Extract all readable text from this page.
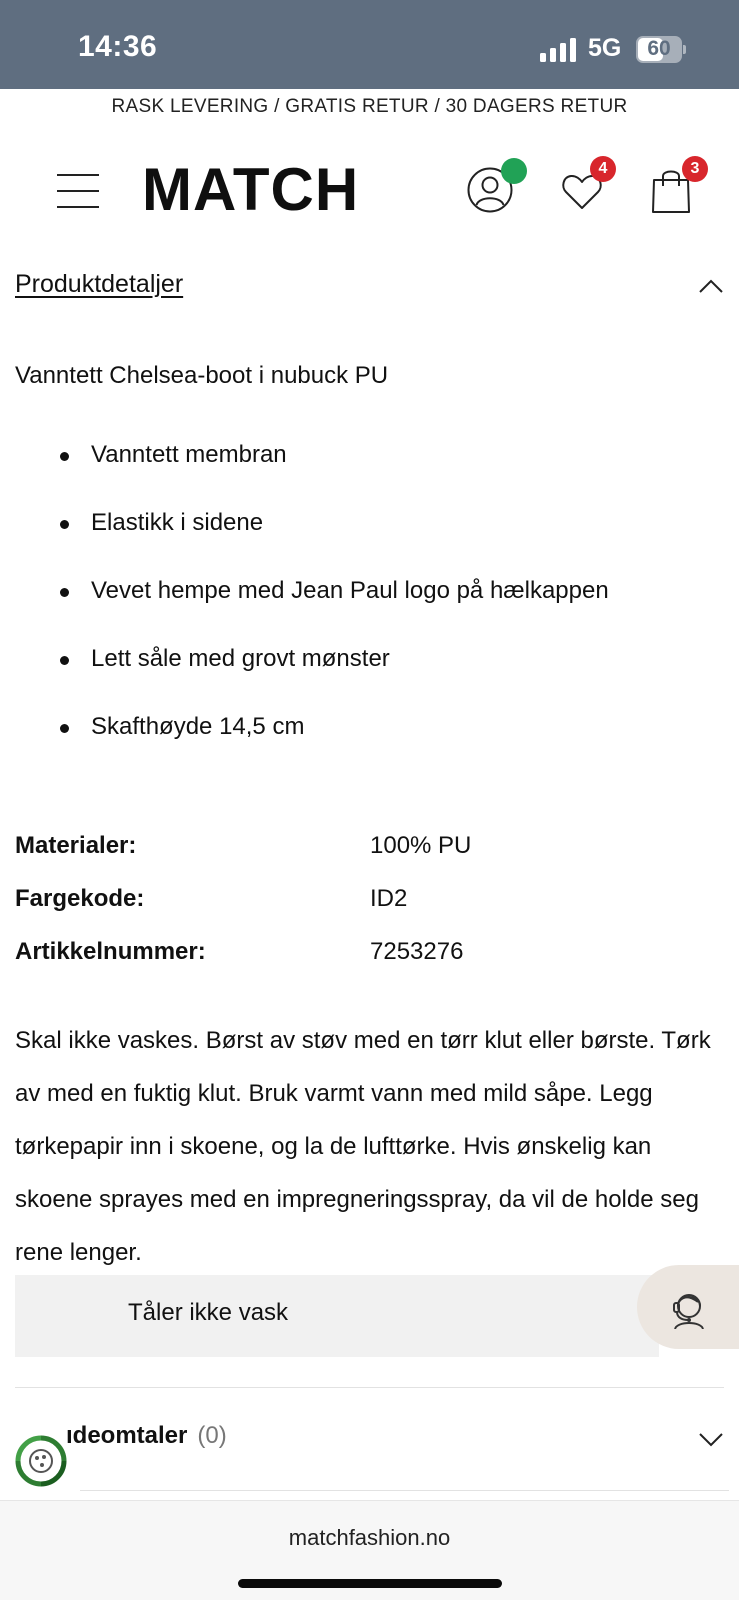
14:36	5G	60
RASK LEVERING / GRATIS RETUR / 30 DAGERS RETUR
MATCH	4	3
Produktdetaljer
Vanntett Chelsea-boot i nubuck PU
Vanntett membran
Elastikk i sidene
Vevet hempe med Jean Paul logo på hælkappen
Lett såle med grovt mønster
Skafthøyde 14,5 cm
Materialer:	100% PU
Fargekode:	ID2
Artikkelnummer:	7253276
Skal ikke vaskes. Børst av støv med en tørr klut eller børste. Tørk av med en fuktig klut. Bruk varmt vann med mild såpe. Legg tørkepapir inn i skoene, og la de lufttørke. Hvis ønskelig kan skoene sprayes med en impregneringsspray, da vil de holde seg rene lenger.
Tåler ikke vask
ıdeomtaler (0)
matchfashion.no
